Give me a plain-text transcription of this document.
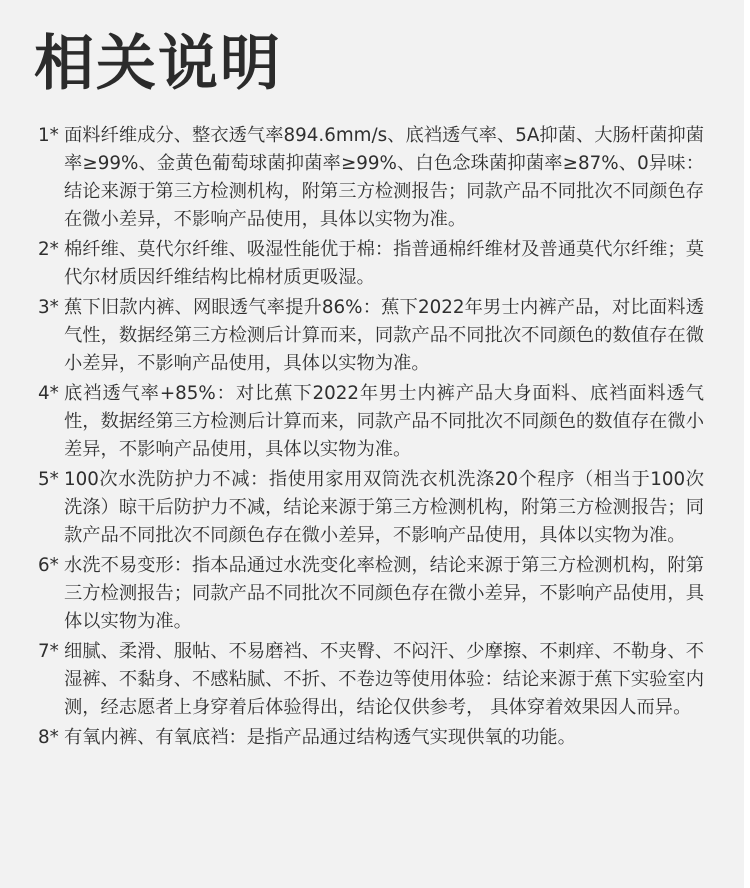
相关说明
1* 面料纤维成分、整衣透气率894.6mm/s、底裆透气率、5A抑菌、大肠杆菌抑菌率≥99%、金黄色葡萄球菌抑菌率≥99%、白色念珠菌抑菌率≥87%、0异味：结论来源于第三方检测机构，附第三方检测报告；同款产品不同批次不同颜色存在微小差异，不影响产品使用，具体以实物为准。
2* 棉纤维、莫代尔纤维、吸湿性能优于棉：指普通棉纤维材及普通莫代尔纤维；莫代尔材质因纤维结构比棉材质更吸湿。
3* 蕉下旧款内裤、网眼透气率提升86%：蕉下2022年男士内裤产品，对比面料透气性，数据经第三方检测后计算而来，同款产品不同批次不同颜色的数值存在微小差异，不影响产品使用，具体以实物为准。
4* 底裆透气率+85%：对比蕉下2022年男士内裤产品大身面料、底裆面料透气性，数据经第三方检测后计算而来，同款产品不同批次不同颜色的数值存在微小差异，不影响产品使用，具体以实物为准。
5* 100次水洗防护力不减：指使用家用双筒洗衣机洗涤20个程序（相当于100次洗涤）晾干后防护力不减，结论来源于第三方检测机构，附第三方检测报告；同款产品不同批次不同颜色存在微小差异，不影响产品使用，具体以实物为准。
6* 水洗不易变形：指本品通过水洗变化率检测，结论来源于第三方检测机构，附第三方检测报告；同款产品不同批次不同颜色存在微小差异，不影响产品使用，具体以实物为准。
7* 细腻、柔滑、服帖、不易磨裆、不夹臀、不闷汗、少摩擦、不刺痒、不勒身、不湿裤、不黏身、不感粘腻、不折、不卷边等使用体验：结论来源于蕉下实验室内测，经志愿者上身穿着后体验得出，结论仅供参考， 具体穿着效果因人而异。
8* 有氧内裤、有氧底裆：是指产品通过结构透气实现供氧的功能。
